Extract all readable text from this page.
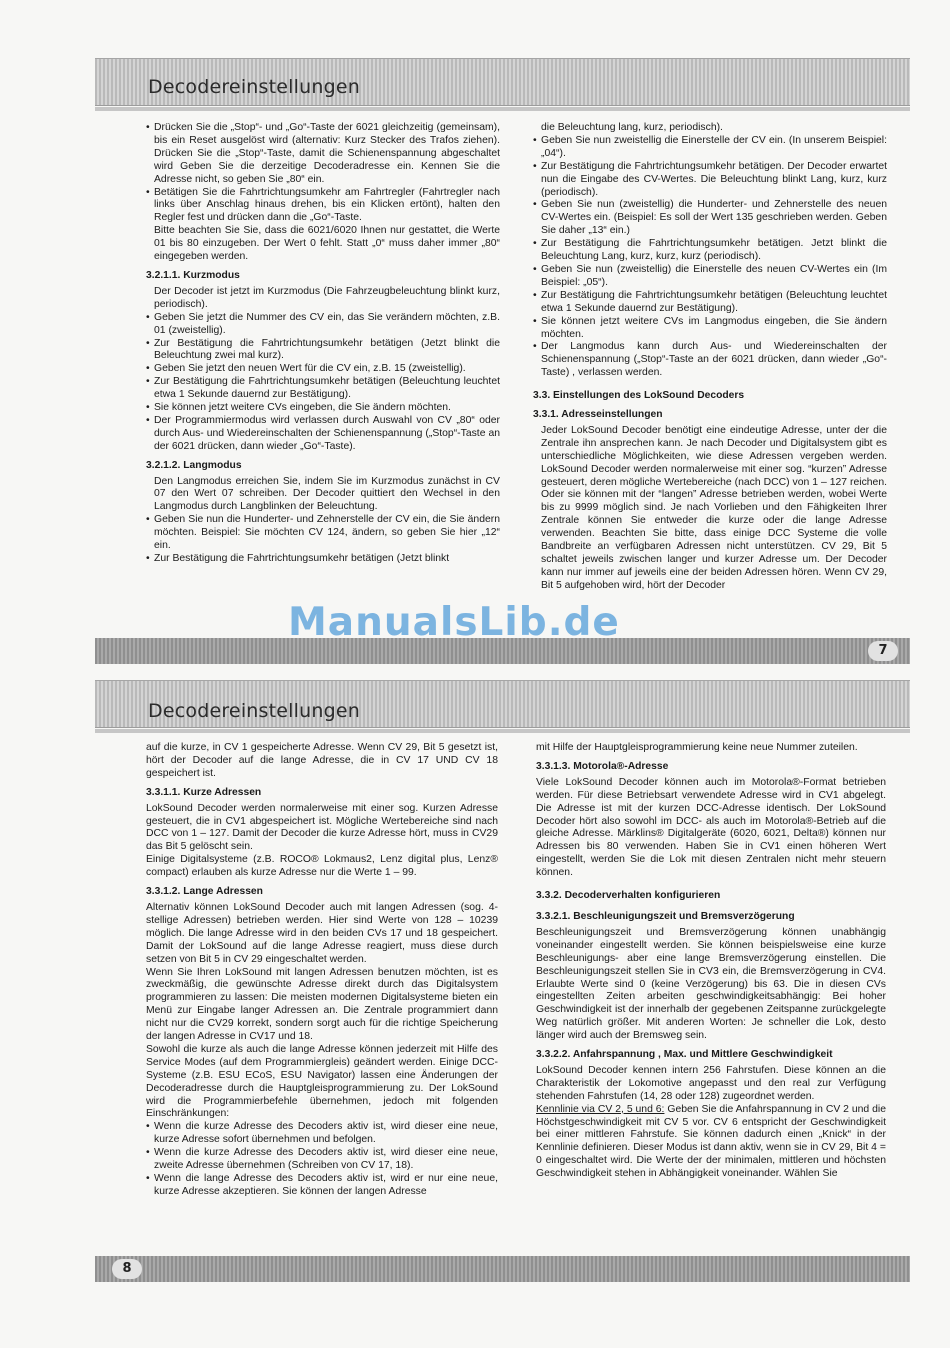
Decodereinstellungen
• Drücken Sie die „Stop“- und „Go“-Taste der 6021 gleichzeitig (gemeinsam), bis ein Reset ausgelöst wird (alternativ: Kurz Stecker des Trafos ziehen). Drücken Sie die „Stop“-Taste, damit die Schienenspannung abgeschaltet wird Geben Sie die derzeitige Decoderadresse ein. Kennen Sie die Adresse nicht, so geben Sie „80“ ein.
• Betätigen Sie die Fahrtrichtungsumkehr am Fahrtregler (Fahrtregler nach links über Anschlag hinaus drehen, bis ein Klicken ertönt), halten den Regler fest und drücken dann die „Go“-Taste.

Bitte beachten Sie Sie, dass die 6021/6020 Ihnen nur gestattet, die Werte 01 bis 80 einzugeben. Der Wert 0 fehlt. Statt „0“ muss daher immer „80“ eingegeben werden.

3.2.1.1. Kurzmodus

Der Decoder ist jetzt im Kurzmodus (Die Fahrzeugbeleuchtung blinkt kurz, periodisch).

• Geben Sie jetzt die Nummer des CV ein, das Sie verändern möchten, z.B. 01 (zweistellig).
• Zur Bestätigung die Fahrtrichtungsumkehr betätigen (Jetzt blinkt die Beleuchtung zwei mal kurz).
• Geben Sie jetzt den neuen Wert für die CV ein, z.B. 15 (zweistellig).
• Zur Bestätigung die Fahrtrichtungsumkehr betätigen (Beleuchtung leuchtet etwa 1 Sekunde dauernd zur Bestätigung).
• Sie können jetzt weitere CVs eingeben, die Sie ändern möchten.
• Der Programmiermodus wird verlassen durch Auswahl von CV „80“ oder durch Aus- und Wiedereinschalten der Schienenspannung („Stop“-Taste an der 6021 drücken, dann wieder „Go“-Taste).

3.2.1.2. Langmodus

Den Langmodus erreichen Sie, indem Sie im Kurzmodus zunächst in CV 07 den Wert 07 schreiben. Der Decoder quittiert den Wechsel in den Langmodus durch Langblinken der Beleuchtung.

• Geben Sie nun die Hunderter- und Zehnerstelle der CV ein, die Sie ändern möchten. Beispiel: Sie möchten CV 124, ändern, so geben Sie hier „12“ ein.
• Zur Bestätigung die Fahrtrichtungsumkehr betätigen (Jetzt blinkt

die Beleuchtung lang, kurz, periodisch).

• Geben Sie nun zweistellig die Einerstelle der CV ein. (In unserem Beispiel: „04“).
• Zur Bestätigung die Fahrtrichtungsumkehr betätigen. Der Decoder erwartet nun die Eingabe des CV-Wertes. Die Beleuchtung blinkt Lang, kurz, kurz (periodisch).
• Geben Sie nun (zweistellig) die Hunderter- und Zehnerstelle des neuen CV-Wertes ein. (Beispiel: Es soll der Wert 135 geschrieben werden. Geben Sie daher „13“ ein.)
• Zur Bestätigung die Fahrtrichtungsumkehr betätigen. Jetzt blinkt die Beleuchtung Lang, kurz, kurz, kurz (periodisch).
• Geben Sie nun (zweistellig) die Einerstelle des neuen CV-Wertes ein (Im Beispiel: „05“).
• Zur Bestätigung die Fahrtrichtungsumkehr betätigen (Beleuchtung leuchtet etwa 1 Sekunde dauernd zur Bestätigung).
• Sie können jetzt weitere CVs im Langmodus eingeben, die Sie ändern möchten.
• Der Langmodus kann durch Aus- und Wiedereinschalten der Schienenspannung („Stop“-Taste an der 6021 drücken, dann wieder „Go“-Taste) , verlassen werden.

3.3. Einstellungen des LokSound Decoders

3.3.1. Adresseinstellungen

Jeder LokSound Decoder benötigt eine eindeutige Adresse, unter der die Zentrale ihn ansprechen kann. Je nach Decoder und Digitalsystem gibt es unterschiedliche Möglichkeiten, wie diese Adressen vergeben werden. LokSound Decoder werden normalerweise mit einer sog. “kurzen” Adresse gesteuert, deren mögliche Wertebereiche (nach DCC) von 1 – 127 reichen. Oder sie können mit der “langen” Adresse betrieben werden, wobei Werte bis zu 9999 möglich sind. Je nach Vorlieben und den Fähigkeiten Ihrer Zentrale können Sie entweder die kurze oder die lange Adresse verwenden. Beachten Sie bitte, dass einige DCC Systeme die volle Bandbreite an verfügbaren Adressen nicht unterstützen. CV 29, Bit 5 schaltet jeweils zwischen langer und kurzer Adresse um. Der Decoder kann nur immer auf jeweils eine der beiden Adressen hören. Wenn CV 29, Bit 5 aufgehoben wird, hört der Decoder

7
Decodereinstellungen

auf die kurze, in CV 1 gespeicherte Adresse. Wenn CV 29, Bit 5 gesetzt ist, hört der Decoder auf die lange Adresse, die in CV 17 UND CV 18 gespeichert ist.

3.3.1.1. Kurze Adressen

LokSound Decoder werden normalerweise mit einer sog. Kurzen Adresse gesteuert, die in CV1 abgespeichert ist. Mögliche Wertebereiche sind nach DCC von 1 – 127. Damit der Decoder die kurze Adresse hört, muss in CV29 das Bit 5 gelöscht sein.

Einige Digitalsysteme (z.B. ROCO® Lokmaus2, Lenz digital plus, Lenz® compact) erlauben als kurze Adresse nur die Werte 1 – 99.

3.3.1.2. Lange Adressen

Alternativ können LokSound Decoder auch mit langen Adressen (sog. 4-stellige Adressen) betrieben werden. Hier sind Werte von 128 – 10239 möglich. Die lange Adresse wird in den beiden CVs 17 und 18 gespeichert. Damit der LokSound auf die lange Adresse reagiert, muss diese durch setzen von Bit 5 in CV 29 eingeschaltet werden.

Wenn Sie Ihren LokSound mit langen Adressen benutzen möchten, ist es zweckmäßig, die gewünschte Adresse direkt durch das Digitalsystem programmieren zu lassen: Die meisten modernen Digitalsysteme bieten ein Menü zur Eingabe langer Adressen an. Die Zentrale programmiert dann nicht nur die CV29 korrekt, sondern sorgt auch für die richtige Speicherung der langen Adresse in CV17 und 18.

Sowohl die kurze als auch die lange Adresse können jederzeit mit Hilfe des Service Modes (auf dem Programmiergleis) geändert werden. Einige DCC-Systeme (z.B. ESU ECoS, ESU Navigator) lassen eine Änderungen der Decoderadresse durch die Hauptgleisprogrammierung zu. Der LokSound wird die Programmierbefehle übernehmen, jedoch mit folgenden Einschränkungen:

• Wenn die kurze Adresse des Decoders aktiv ist, wird dieser eine neue, kurze Adresse sofort übernehmen und befolgen.
• Wenn die kurze Adresse des Decoders aktiv ist, wird dieser eine neue, zweite Adresse übernehmen (Schreiben von CV 17, 18).
• Wenn die lange Adresse des Decoders aktiv ist, wird er nur eine neue, kurze Adresse akzeptieren. Sie können der langen Adresse

mit Hilfe der Hauptgleisprogrammierung keine neue Nummer zuteilen.

3.3.1.3. Motorola®-Adresse

Viele LokSound Decoder können auch im Motorola®-Format betrieben werden. Für diese Betriebsart verwendete Adresse wird in CV1 abgelegt. Die Adresse ist mit der kurzen DCC-Adresse identisch. Der LokSound Decoder hört also sowohl im DCC- als auch im Motorola®-Betrieb auf die gleiche Adresse. Märklins® Digitalgeräte (6020, 6021, Delta®) können nur Adressen bis 80 verwenden. Haben Sie in CV1 einen höheren Wert eingestellt, werden Sie die Lok mit diesen Zentralen nicht mehr steuern können.

3.3.2. Decoderverhalten konfigurieren

3.3.2.1. Beschleunigungszeit und Bremsverzögerung

Beschleunigungszeit und Bremsverzögerung können unabhängig voneinander eingestellt werden. Sie können beispielsweise eine kurze Beschleunigungs- aber eine lange Bremsverzögerung einstellen. Die Beschleunigungszeit stellen Sie in CV3 ein, die Bremsverzögerung in CV4. Erlaubte Werte sind 0 (keine Verzögerung) bis 63. Die in diesen CVs eingestellten Zeiten arbeiten geschwindigkeitsabhängig: Bei hoher Geschwindigkeit ist der innerhalb der gegebenen Zeitspanne zurückgelegte Weg natürlich größer. Mit anderen Worten: Je schneller die Lok, desto länger wird auch der Bremsweg sein.

3.3.2.2. Anfahrspannung , Max. und Mittlere Geschwindigkeit

LokSound Decoder kennen intern 256 Fahrstufen. Diese können an die Charakteristik der Lokomotive angepasst und den real zur Verfügung stehenden Fahrstufen (14, 28 oder 128) zugeordnet werden.

Kennlinie via CV 2, 5 und 6: Geben Sie die Anfahrspannung in CV 2 und die Höchstgeschwindigkeit mit CV 5 vor. CV 6 entspricht der Geschwindigkeit bei einer mittleren Fahrstufe. Sie können dadurch einen „Knick“ in der Kennlinie definieren. Dieser Modus ist dann aktiv, wenn sie in CV 29, Bit 4 = 0 eingeschaltet wird. Die Werte der der minimalen, mittleren und höchsten Geschwindigkeit stehen in Abhängigkeit voneinander. Wählen Sie

8
ManualsLib.de
